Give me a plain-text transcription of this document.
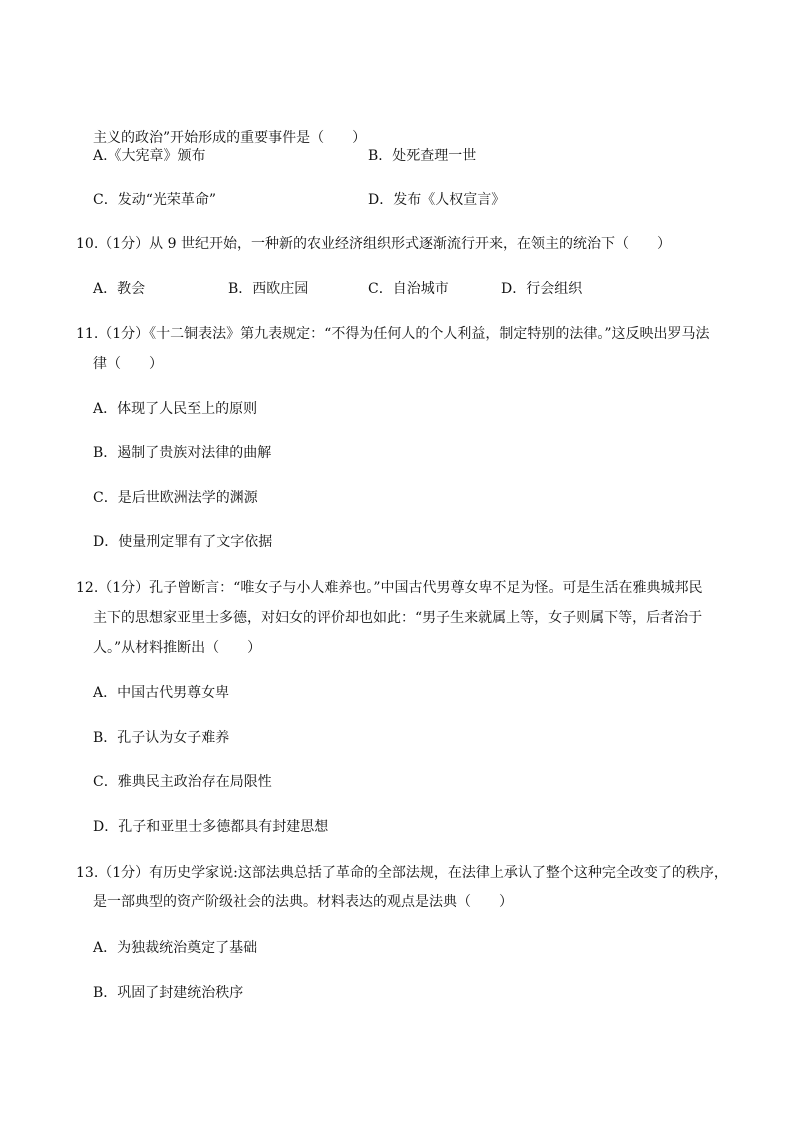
主义的政治”开始形成的重要事件是（　　）
A.《大宪章》颁布	B．处死查理一世
C．发动“光荣革命”	D．发布《人权宣言》
10.（1分）从 9 世纪开始，一种新的农业经济组织形式逐渐流行开来，在领主的统治下（　　）
A．教会	B．西欧庄园	C．自治城市	D．行会组织
11.（1分）《十二铜表法》第九表规定：“不得为任何人的个人利益，制定特别的法律。”这反映出罗马法
律（　　）
A．体现了人民至上的原则
B．遏制了贵族对法律的曲解
C．是后世欧洲法学的渊源
D．使量刑定罪有了文字依据
12.（1分）孔子曾断言：“唯女子与小人难养也。”中国古代男尊女卑不足为怪。可是生活在雅典城邦民
主下的思想家亚里士多德，对妇女的评价却也如此：“男子生来就属上等，女子则属下等，后者治于
人。”从材料推断出（　　）
A．中国古代男尊女卑
B．孔子认为女子难养
C．雅典民主政治存在局限性
D．孔子和亚里士多德都具有封建思想
13.（1分）有历史学家说:这部法典总括了革命的全部法规，在法律上承认了整个这种完全改变了的秩序，
是一部典型的资产阶级社会的法典。材料表达的观点是法典（　　）
A．为独裁统治奠定了基础
B．巩固了封建统治秩序
